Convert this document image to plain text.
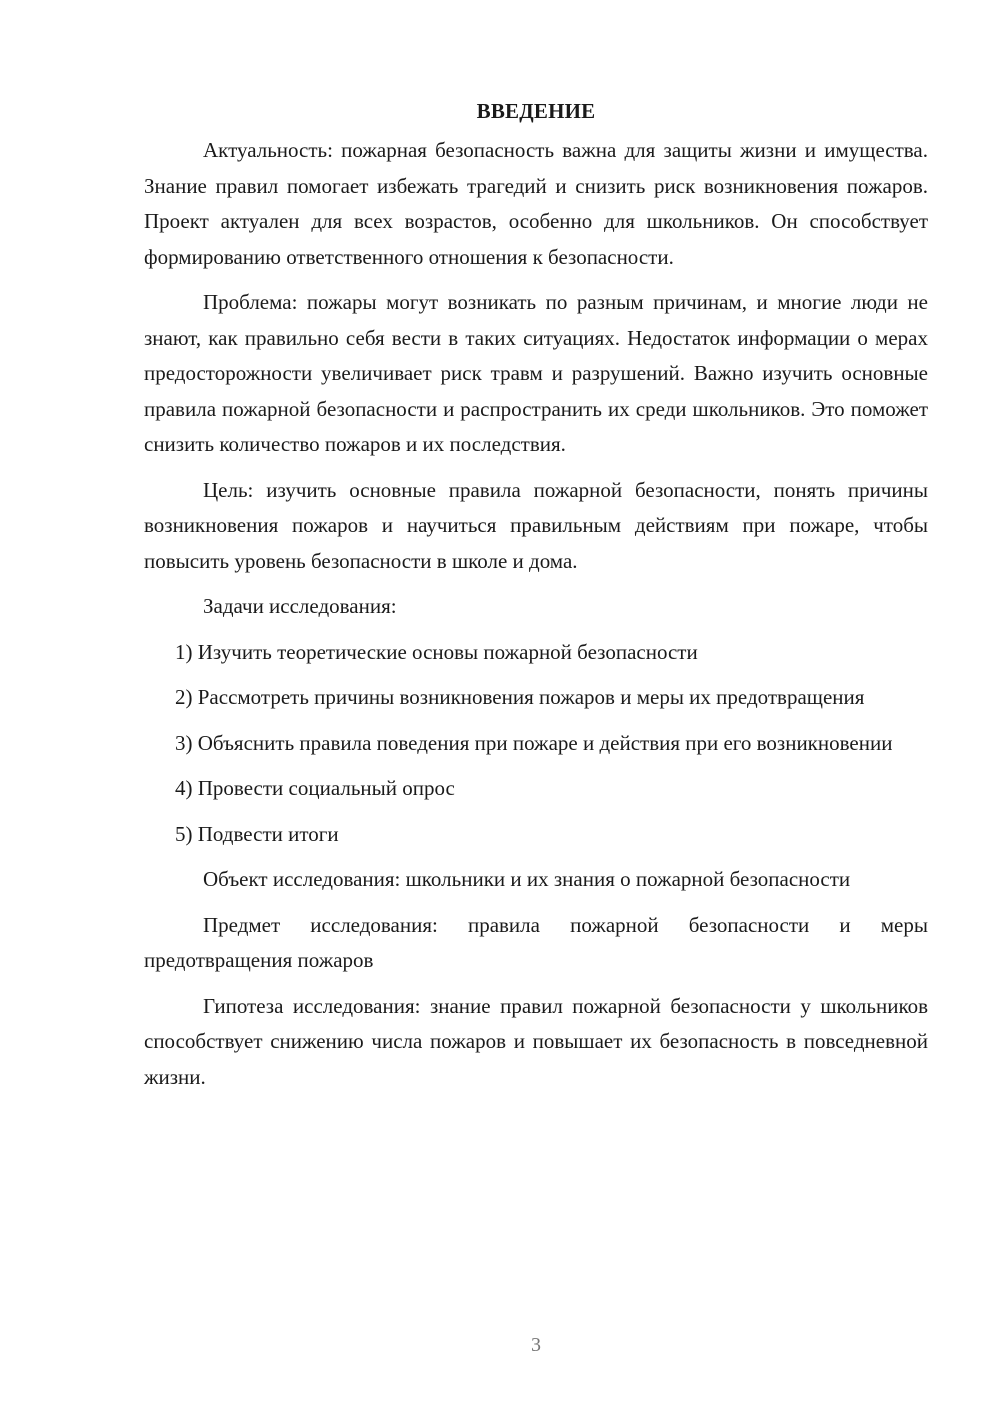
ВВЕДЕНИЕ

Актуальность: пожарная безопасность важна для защиты жизни и имущества. Знание правил помогает избежать трагедий и снизить риск возникновения пожаров. Проект актуален для всех возрастов, особенно для школьников. Он способствует формированию ответственного отношения к безопасности.

Проблема: пожары могут возникать по разным причинам, и многие люди не знают, как правильно себя вести в таких ситуациях. Недостаток информации о мерах предосторожности увеличивает риск травм и разрушений. Важно изучить основные правила пожарной безопасности и распространить их среди школьников. Это поможет снизить количество пожаров и их последствия.

Цель: изучить основные правила пожарной безопасности, понять причины возникновения пожаров и научиться правильным действиям при пожаре, чтобы повысить уровень безопасности в школе и дома.

Задачи исследования:

1) Изучить теоретические основы пожарной безопасности

2) Рассмотреть причины возникновения пожаров и меры их предотвращения

3) Объяснить правила поведения при пожаре и действия при его возникновении

4) Провести социальный опрос

5) Подвести итоги

Объект исследования: школьники и их знания о пожарной безопасности

Предмет исследования: правила пожарной безопасности и меры предотвращения пожаров

Гипотеза исследования: знание правил пожарной безопасности у школьников способствует снижению числа пожаров и повышает их безопасность в повседневной жизни.

3
